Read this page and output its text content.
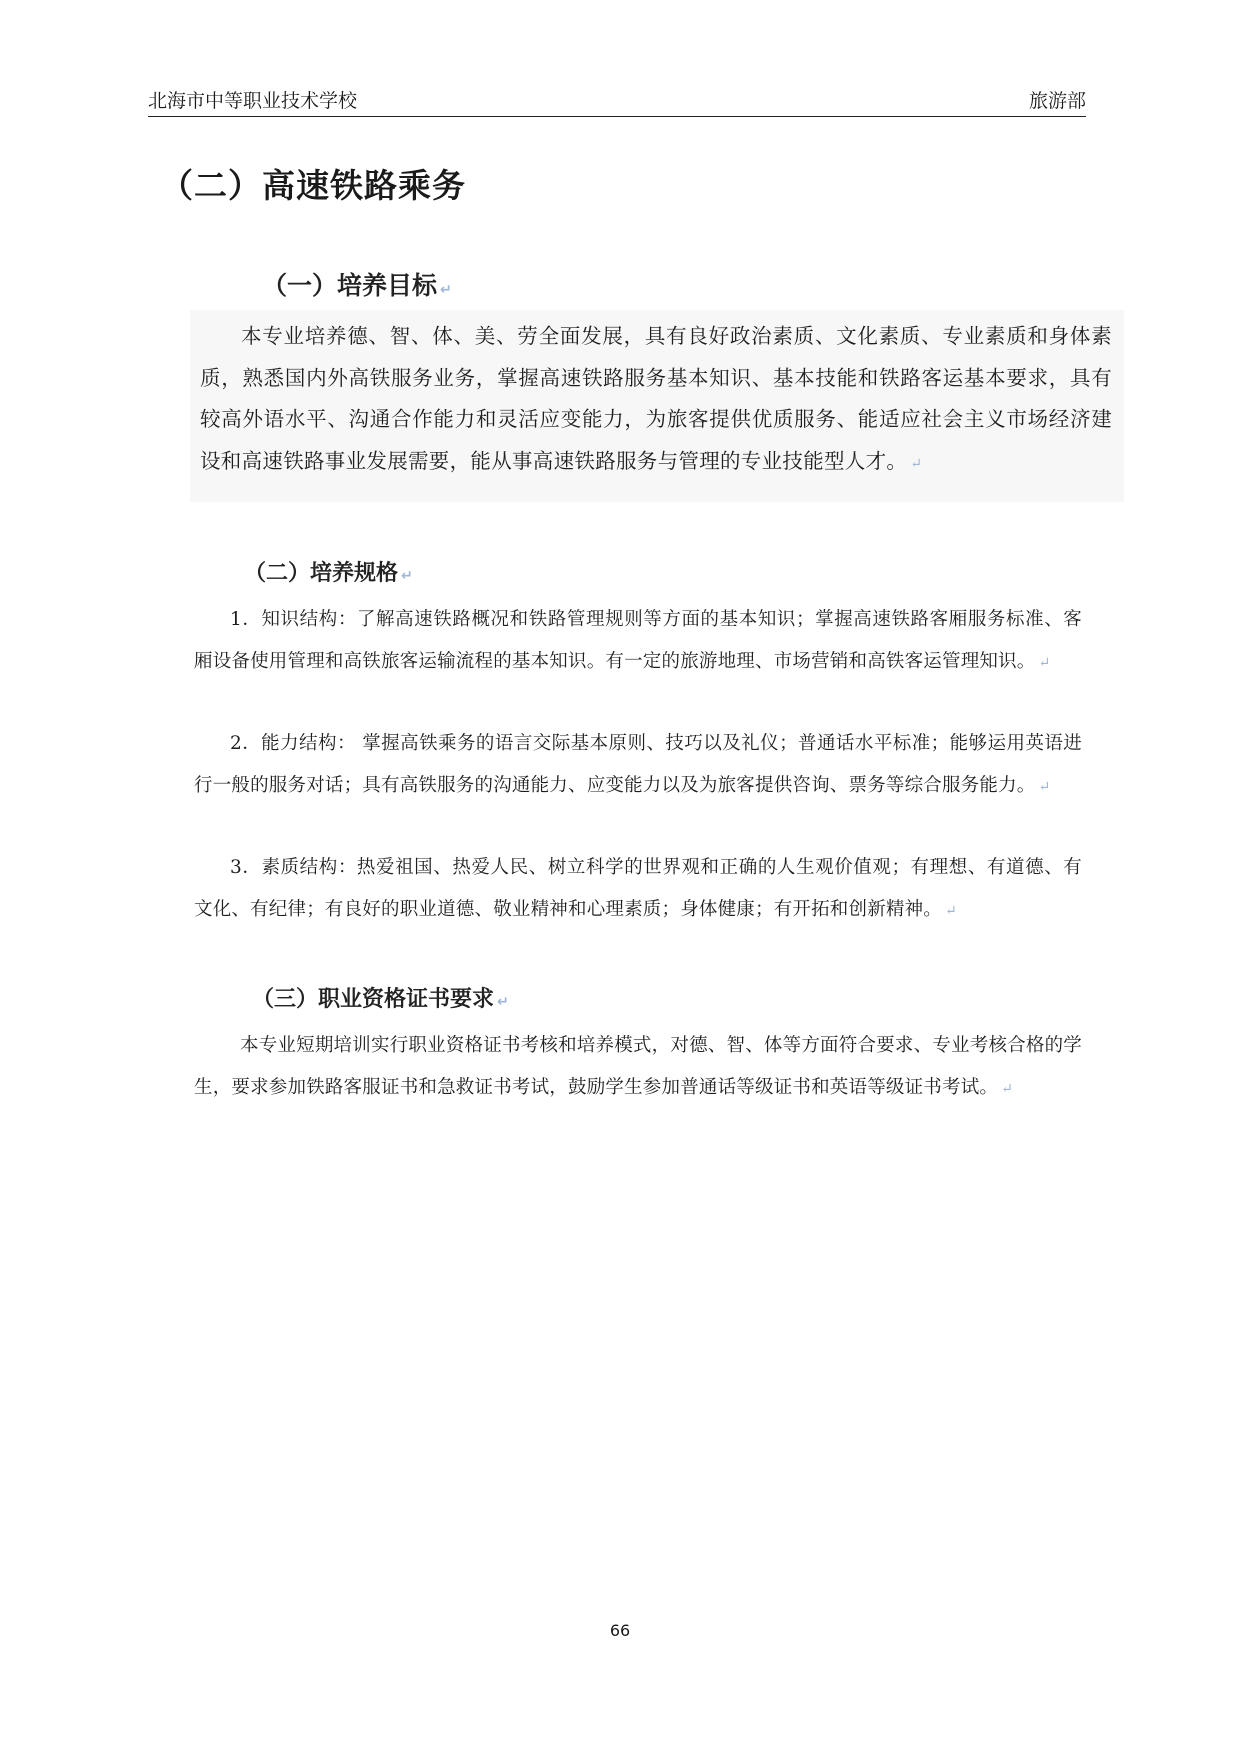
北海市中等职业技术学校	旅游部
（二）高速铁路乘务
（一）培养目标 ↵
本专业培养德、智、体、美、劳全面发展，具有良好政治素质、文化素质、专业素质和身体素质，熟悉国内外高铁服务业务，掌握高速铁路服务基本知识、基本技能和铁路客运基本要求，具有较高外语水平、沟通合作能力和灵活应变能力，为旅客提供优质服务、能适应社会主义市场经济建设和高速铁路事业发展需要，能从事高速铁路服务与管理的专业技能型人才。 ↵
（二）培养规格 ↵
1．知识结构：了解高速铁路概况和铁路管理规则等方面的基本知识；掌握高速铁路客厢服务标准、客厢设备使用管理和高铁旅客运输流程的基本知识。有一定的旅游地理、市场营销和高铁客运管理知识。 ↵
2．能力结构： 掌握高铁乘务的语言交际基本原则、技巧以及礼仪；普通话水平标准；能够运用英语进行一般的服务对话；具有高铁服务的沟通能力、应变能力以及为旅客提供咨询、票务等综合服务能力。 ↵
3．素质结构：热爱祖国、热爱人民、树立科学的世界观和正确的人生观价值观；有理想、有道德、有文化、有纪律；有良好的职业道德、敬业精神和心理素质；身体健康；有开拓和创新精神。 ↵
（三）职业资格证书要求 ↵
本专业短期培训实行职业资格证书考核和培养模式，对德、智、体等方面符合要求、专业考核合格的学生，要求参加铁路客服证书和急救证书考试，鼓励学生参加普通话等级证书和英语等级证书考试。 ↵
66
